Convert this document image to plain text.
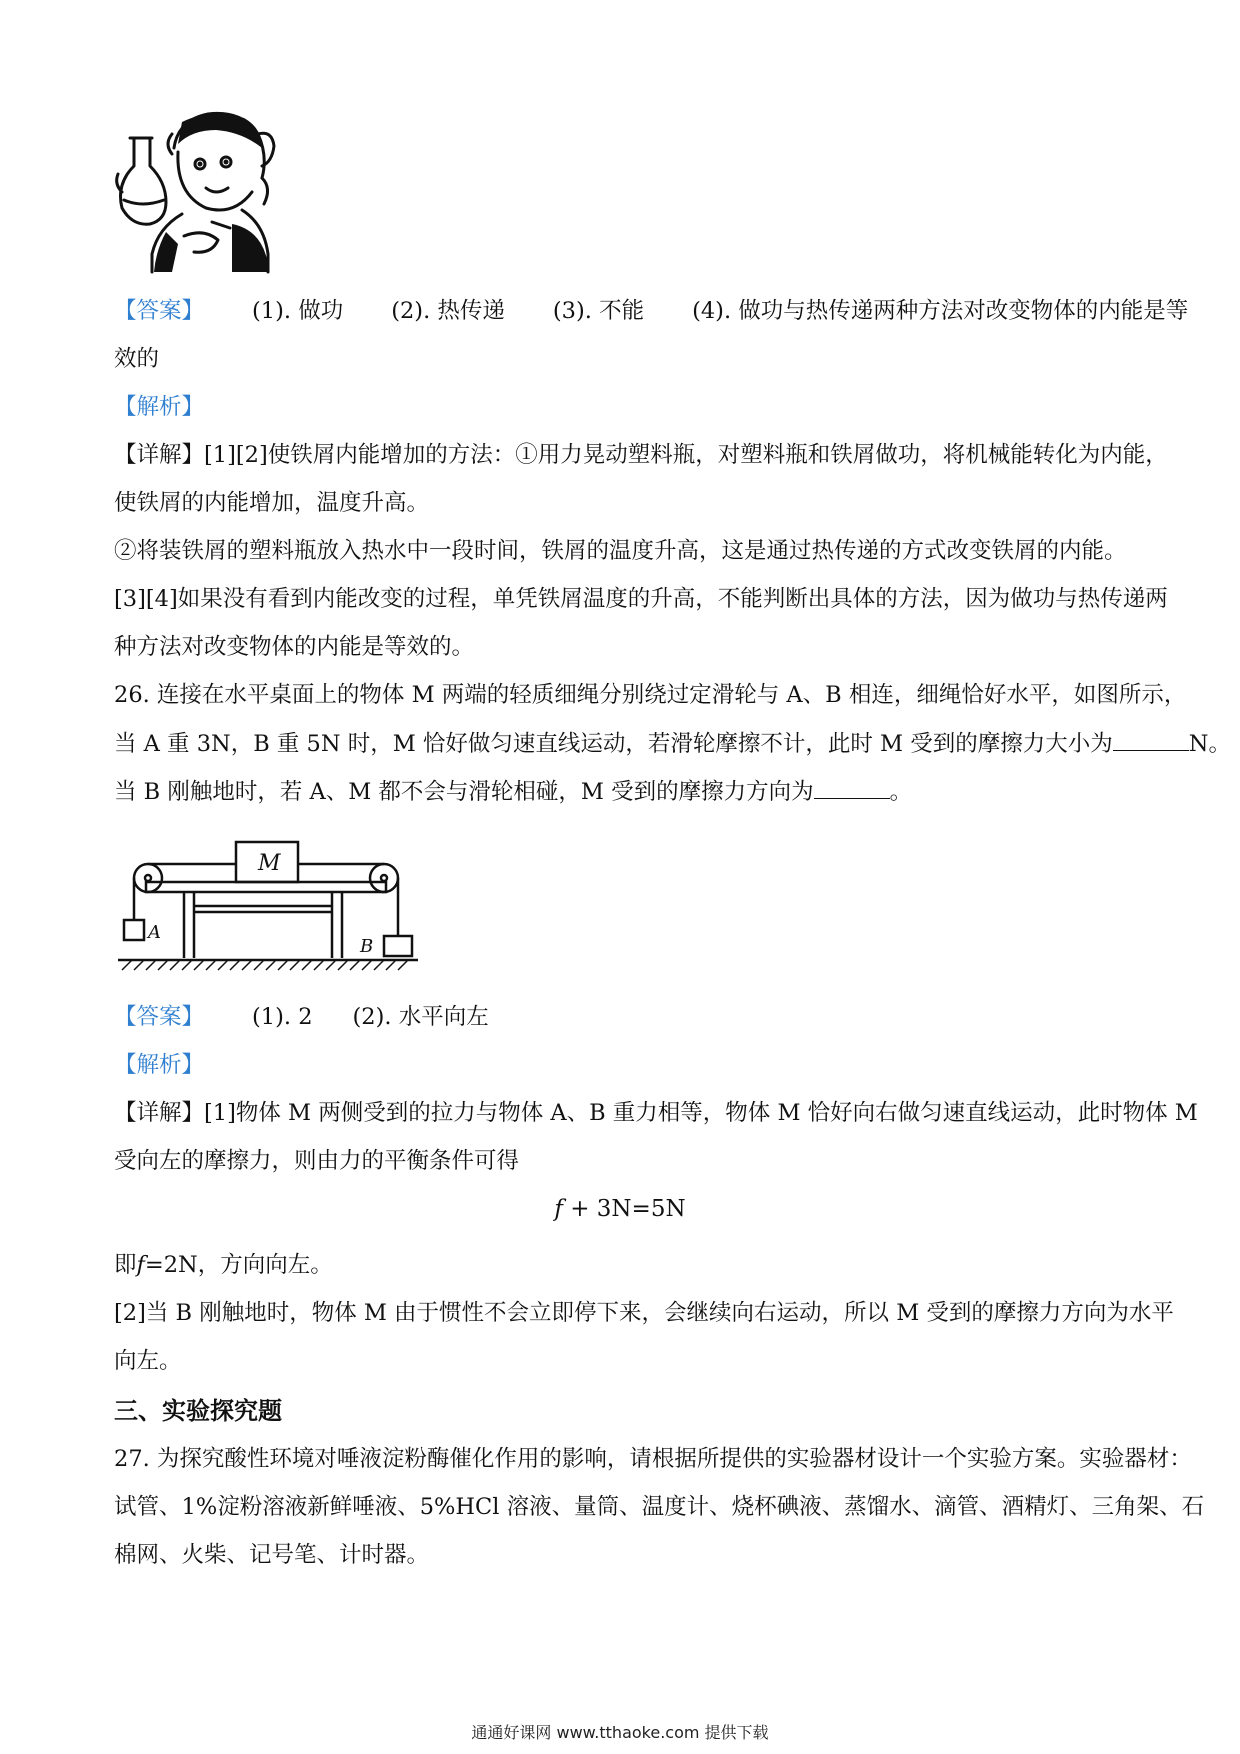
【答案】 (1). 做功 (2). 热传递 (3). 不能 (4). 做功与热传递两种方法对改变物体的内能是等
效的
【解析】
【详解】[1][2]使铁屑内能增加的方法：①用力晃动塑料瓶，对塑料瓶和铁屑做功，将机械能转化为内能，
使铁屑的内能增加，温度升高。
②将装铁屑的塑料瓶放入热水中一段时间，铁屑的温度升高，这是通过热传递的方式改变铁屑的内能。
[3][4]如果没有看到内能改变的过程，单凭铁屑温度的升高，不能判断出具体的方法，因为做功与热传递两
种方法对改变物体的内能是等效的。
26. 连接在水平桌面上的物体 M 两端的轻质细绳分别绕过定滑轮与 A、B 相连，细绳恰好水平，如图所示，
当 A 重 3N，B 重 5N 时，M 恰好做匀速直线运动，若滑轮摩擦不计，此时 M 受到的摩擦力大小为	N。
当 B 刚触地时，若 A、M 都不会与滑轮相碰，M 受到的摩擦力方向为	。
M
A
B
【答案】 (1). 2 (2). 水平向左
【解析】
【详解】[1]物体 M 两侧受到的拉力与物体 A、B 重力相等，物体 M 恰好向右做匀速直线运动，此时物体 M
受向左的摩擦力，则由力的平衡条件可得
f + 3N=5N
即f=2N，方向向左。
[2]当 B 刚触地时，物体 M 由于惯性不会立即停下来，会继续向右运动，所以 M 受到的摩擦力方向为水平
向左。
三、实验探究题
27. 为探究酸性环境对唾液淀粉酶催化作用的影响，请根据所提供的实验器材设计一个实验方案。实验器材：
试管、1%淀粉溶液新鲜唾液、5%HCl 溶液、量筒、温度计、烧杯碘液、蒸馏水、滴管、酒精灯、三角架、石
棉网、火柴、记号笔、计时器。
通通好课网 www.tthaoke.com 提供下载
